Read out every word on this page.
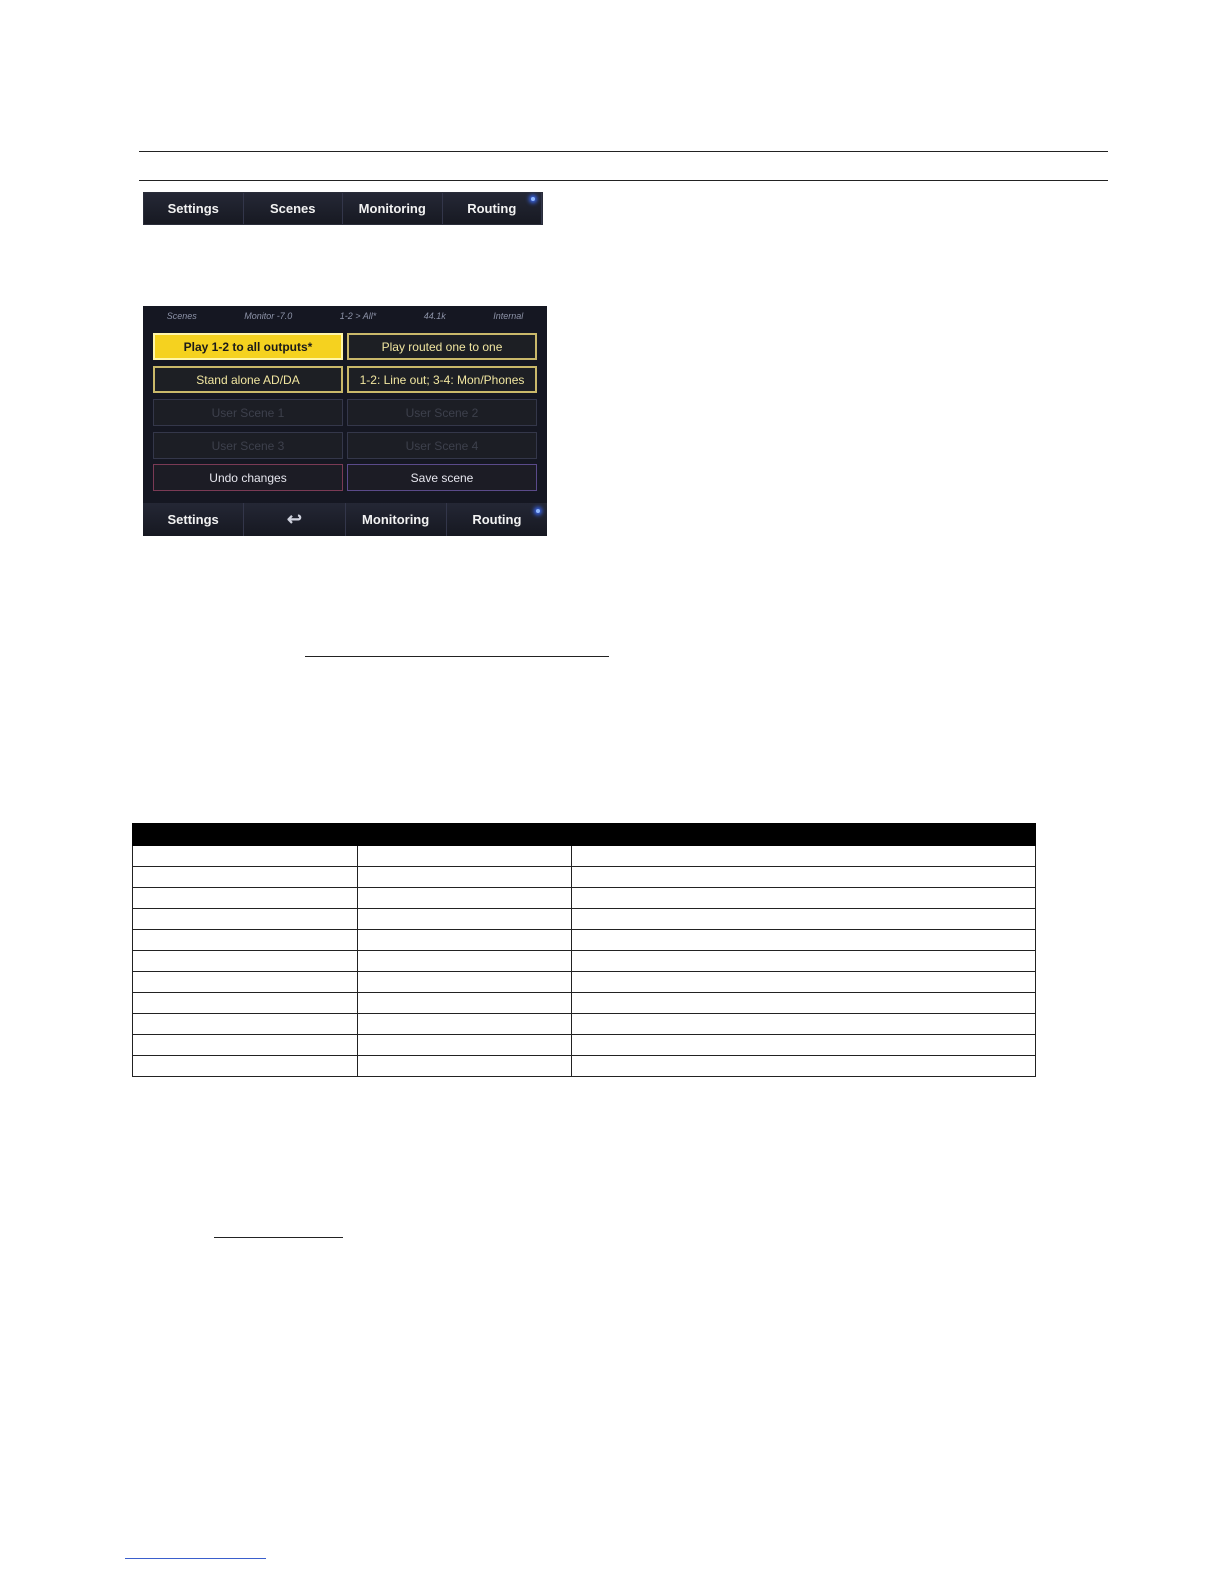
Settings	Scenes	Monitoring	Routing
Scenes	Monitor -7.0	1-2 > All*	44.1k	Internal
Play 1-2 to all outputs*	Play routed one to one
Stand alone AD/DA	1-2: Line out; 3-4: Mon/Phones
User Scene 1	User Scene 2
User Scene 3	User Scene 4
Undo changes	Save scene
Settings	↩	Monitoring	Routing
